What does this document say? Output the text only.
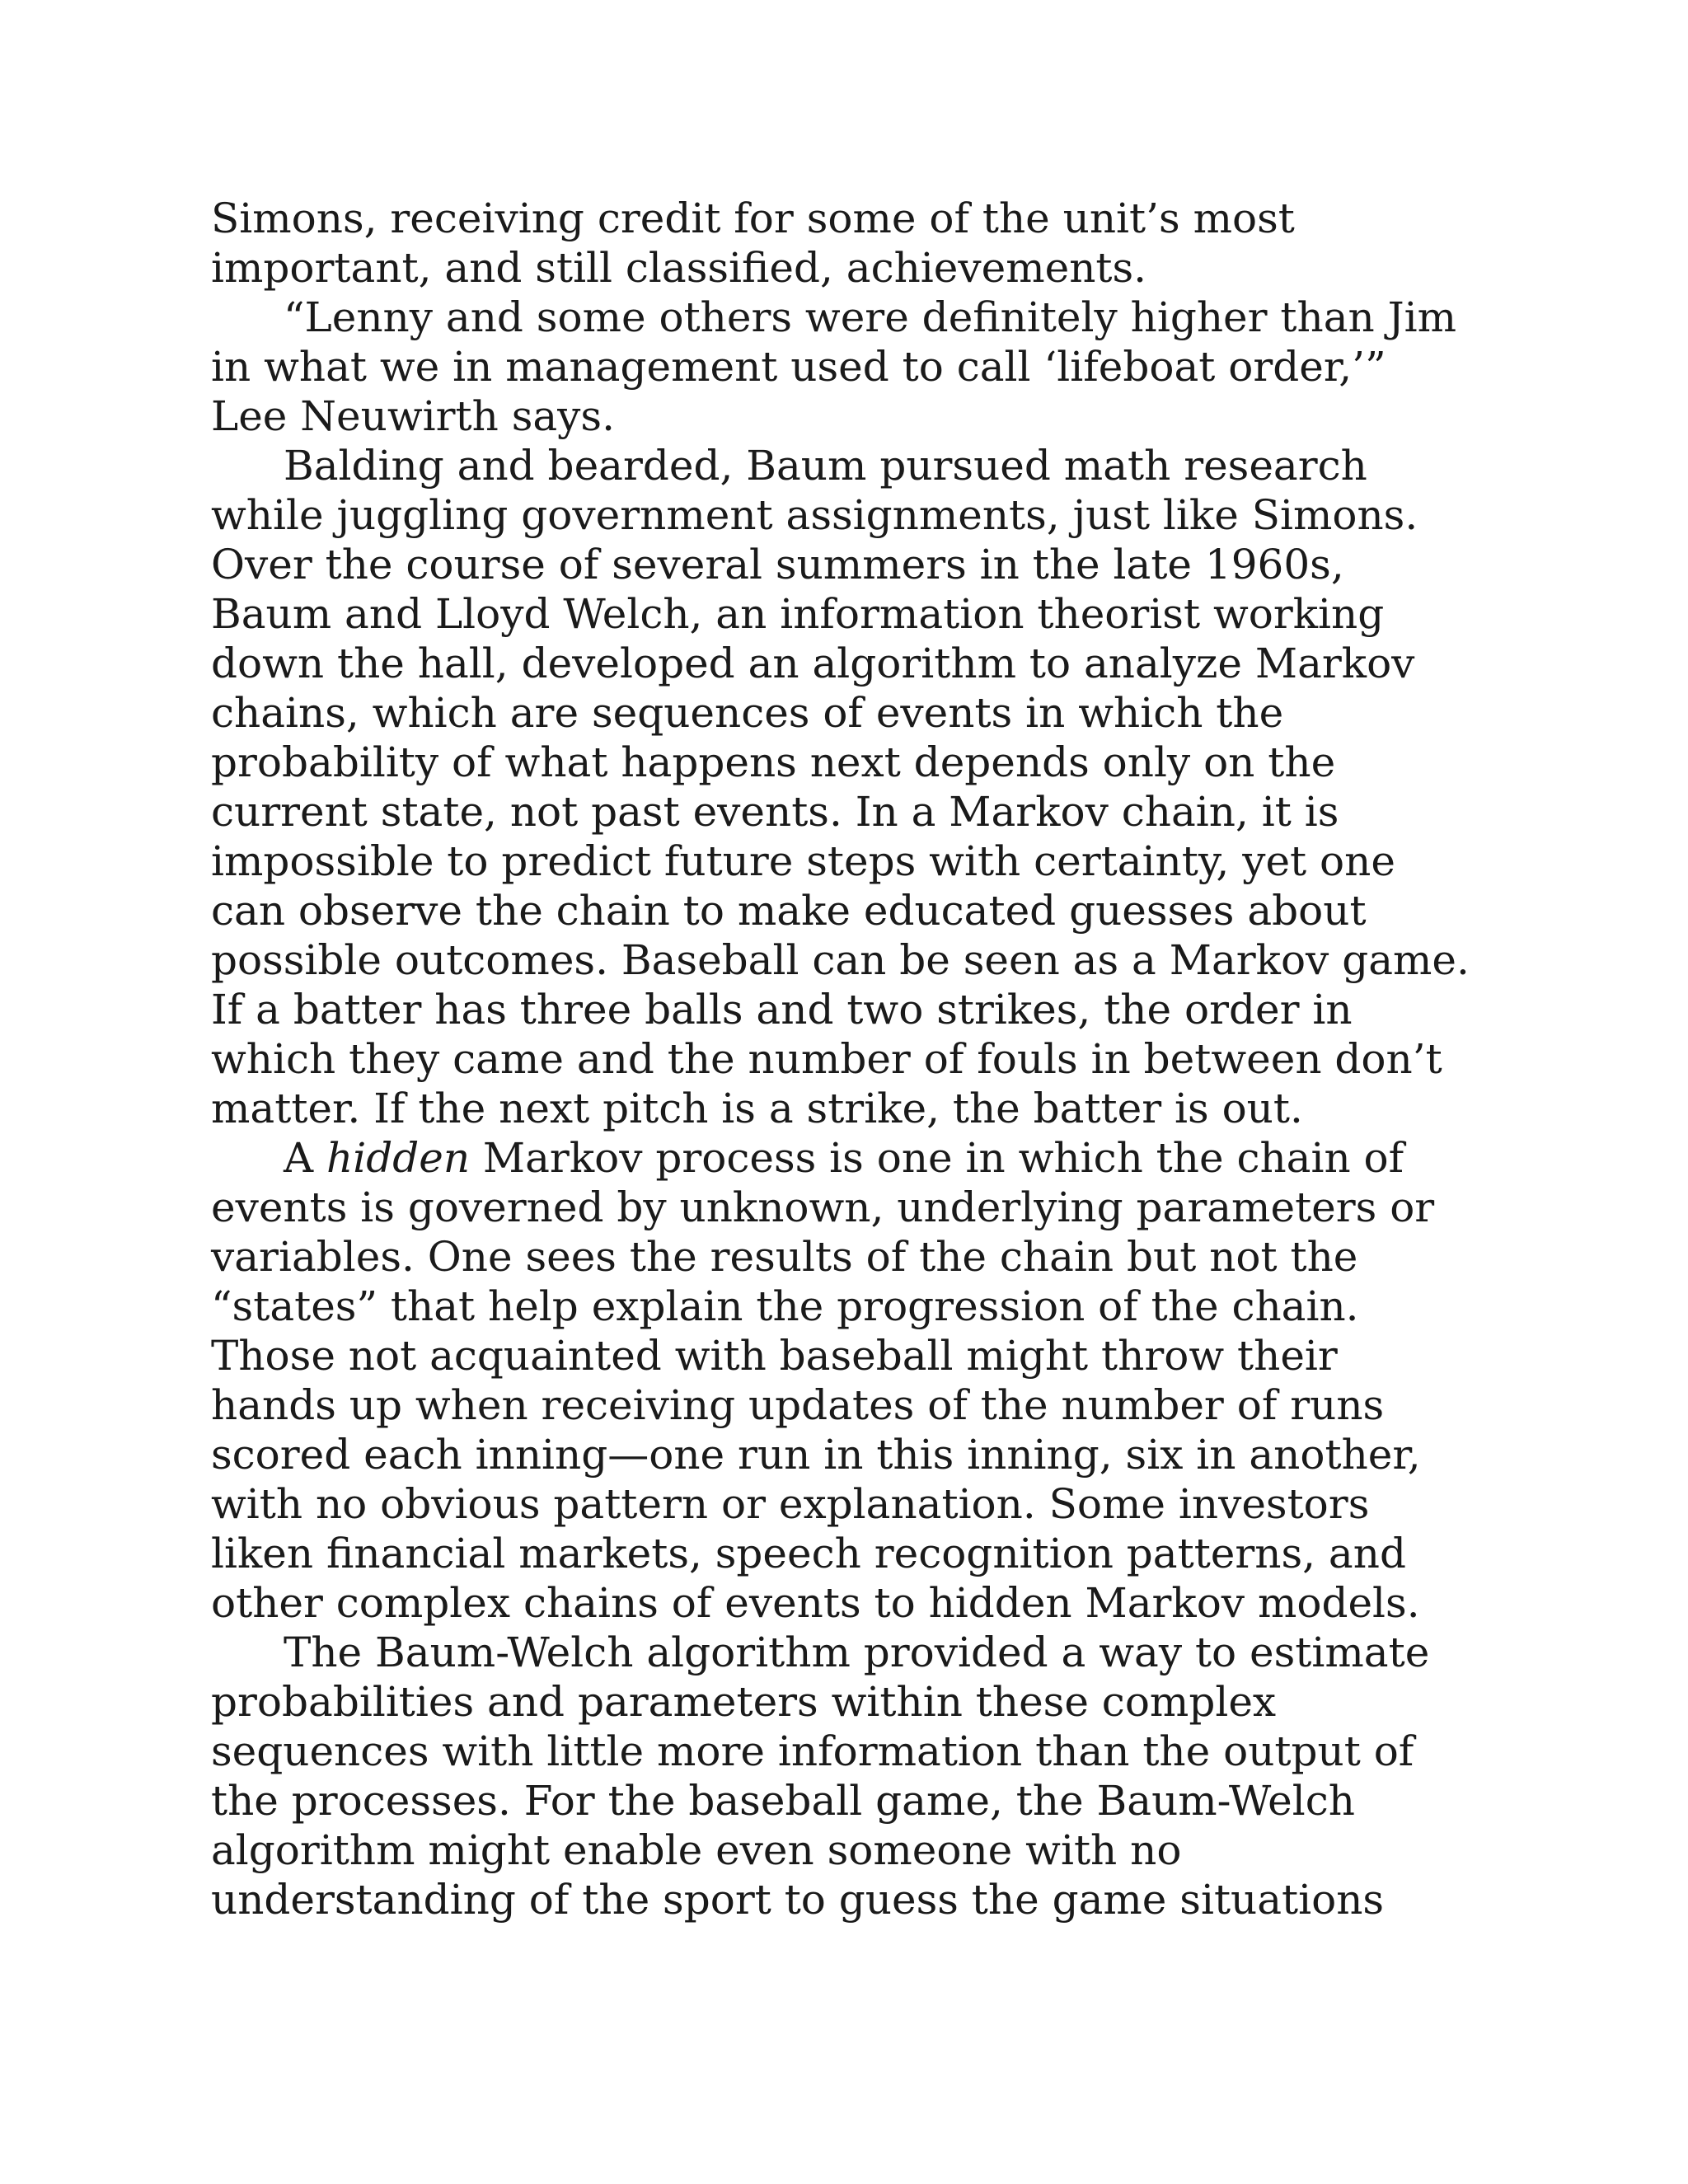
Simons, receiving credit for some of the unit’s most
important, and still classified, achievements.

“Lenny and some others were definitely higher than Jim
in what we in management used to call ‘lifeboat order,’”
Lee Neuwirth says.

Balding and bearded, Baum pursued math research
while juggling government assignments, just like Simons.
Over the course of several summers in the late 1960s,
Baum and Lloyd Welch, an information theorist working
down the hall, developed an algorithm to analyze Markov
chains, which are sequences of events in which the
probability of what happens next depends only on the
current state, not past events. In a Markov chain, it is
impossible to predict future steps with certainty, yet one
can observe the chain to make educated guesses about
possible outcomes. Baseball can be seen as a Markov game.
If a batter has three balls and two strikes, the order in
which they came and the number of fouls in between don’t
matter. If the next pitch is a strike, the batter is out.

A hidden Markov process is one in which the chain of
events is governed by unknown, underlying parameters or
variables. One sees the results of the chain but not the
“states” that help explain the progression of the chain.
Those not acquainted with baseball might throw their
hands up when receiving updates of the number of runs
scored each inning—one run in this inning, six in another,
with no obvious pattern or explanation. Some investors
liken financial markets, speech recognition patterns, and
other complex chains of events to hidden Markov models.

The Baum-Welch algorithm provided a way to estimate
probabilities and parameters within these complex
sequences with little more information than the output of
the processes. For the baseball game, the Baum-Welch
algorithm might enable even someone with no
understanding of the sport to guess the game situations
